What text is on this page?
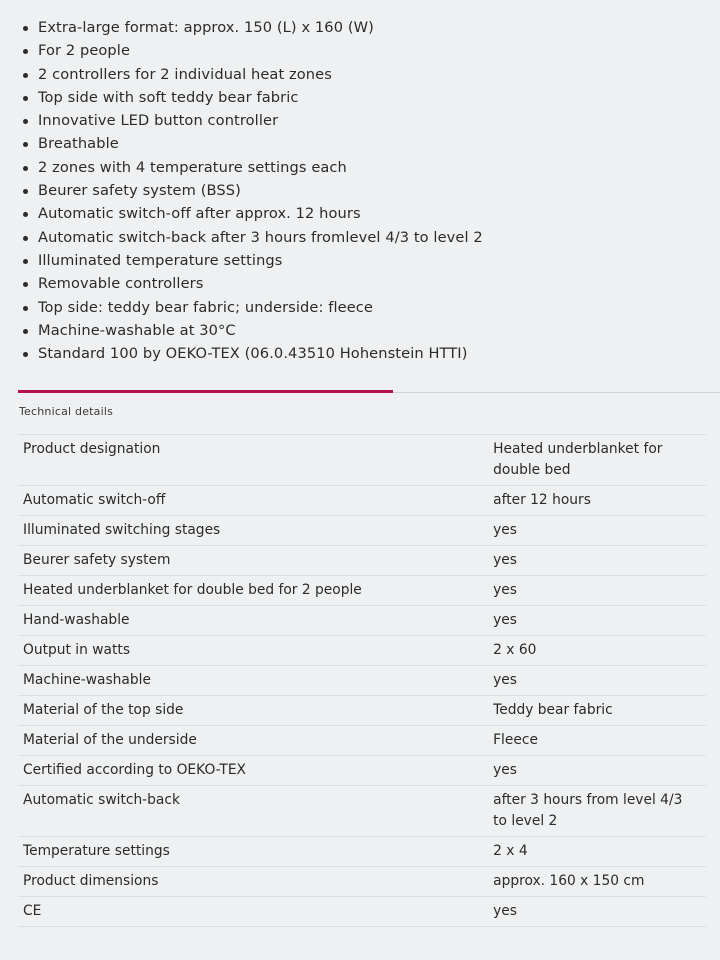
Extra-large format: approx. 150 (L) x 160 (W)
For 2 people
2 controllers for 2 individual heat zones
Top side with soft teddy bear fabric
Innovative LED button controller
Breathable
2 zones with 4 temperature settings each
Beurer safety system (BSS)
Automatic switch-off after approx. 12 hours
Automatic switch-back after 3 hours fromlevel 4/3 to level 2
Illuminated temperature settings
Removable controllers
Top side: teddy bear fabric; underside: fleece
Machine-washable at 30°C
Standard 100 by OEKO-TEX (06.0.43510 Hohenstein HTTI)
Technical details
Product designation	Heated underblanket for double bed
Automatic switch-off	after 12 hours
Illuminated switching stages	yes
Beurer safety system	yes
Heated underblanket for double bed for 2 people	yes
Hand-washable	yes
Output in watts	2 x 60
Machine-washable	yes
Material of the top side	Teddy bear fabric
Material of the underside	Fleece
Certified according to OEKO-TEX	yes
Automatic switch-back	after 3 hours from level 4/3 to level 2
Temperature settings	2 x 4
Product dimensions	approx. 160 x 150 cm
CE	yes
